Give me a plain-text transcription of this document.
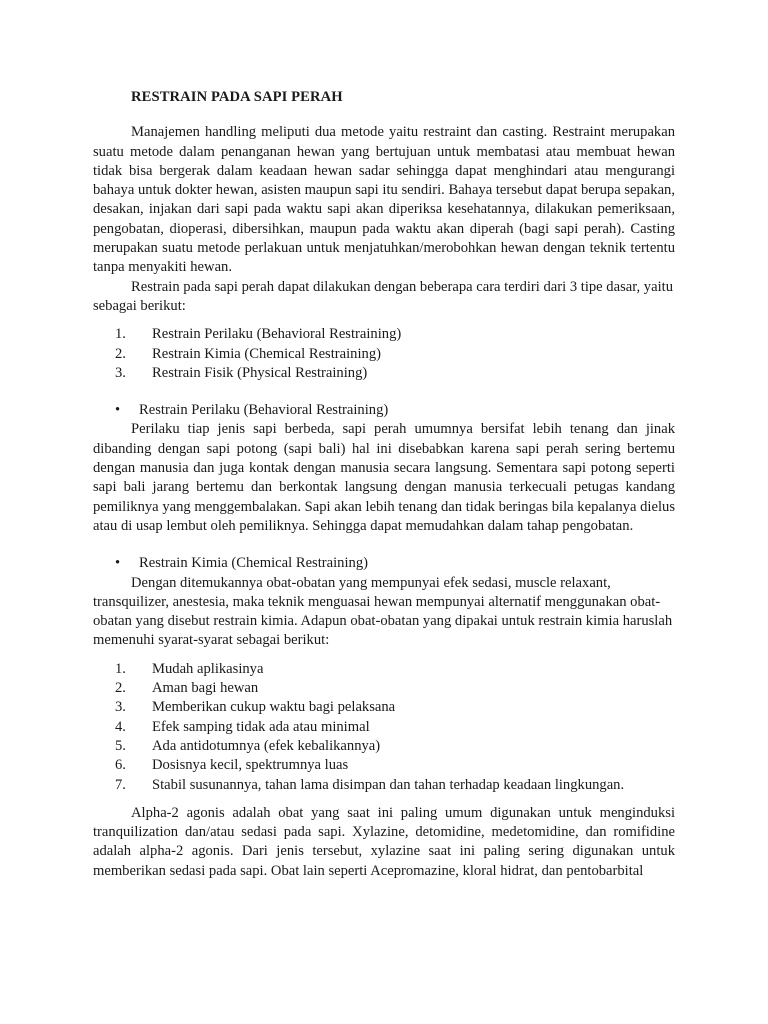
RESTRAIN PADA SAPI PERAH

Manajemen handling meliputi dua metode yaitu restraint dan casting. Restraint merupakan suatu metode dalam penanganan hewan yang bertujuan untuk membatasi atau membuat hewan tidak bisa bergerak dalam keadaan hewan sadar sehingga dapat menghindari atau mengurangi bahaya untuk dokter hewan, asisten maupun sapi itu sendiri. Bahaya tersebut dapat berupa sepakan, desakan, injakan dari sapi pada waktu sapi akan diperiksa kesehatannya, dilakukan pemeriksaan, pengobatan, dioperasi, dibersihkan, maupun pada waktu akan diperah (bagi sapi perah). Casting merupakan suatu metode perlakuan untuk menjatuhkan/merobohkan hewan dengan teknik tertentu tanpa menyakiti hewan.

Restrain pada sapi perah dapat dilakukan dengan beberapa cara terdiri dari 3 tipe dasar, yaitu sebagai berikut:

1.	Restrain Perilaku (Behavioral Restraining)
2.	Restrain Kimia (Chemical Restraining)
3.	Restrain Fisik (Physical Restraining)
• Restrain Perilaku (Behavioral Restraining)

Perilaku tiap jenis sapi berbeda, sapi perah umumnya bersifat lebih tenang dan jinak dibanding dengan sapi potong (sapi bali) hal ini disebabkan karena sapi perah sering bertemu dengan manusia dan juga kontak dengan manusia secara langsung. Sementara sapi potong seperti sapi bali jarang bertemu dan berkontak langsung dengan manusia terkecuali petugas kandang pemiliknya yang menggembalakan. Sapi akan lebih tenang dan tidak beringas bila kepalanya dielus atau di usap lembut oleh pemiliknya. Sehingga dapat memudahkan dalam tahap pengobatan.

• Restrain Kimia (Chemical Restraining)

Dengan ditemukannya obat-obatan yang mempunyai efek sedasi, muscle relaxant, transquilizer, anestesia, maka teknik menguasai hewan mempunyai alternatif menggunakan obat-obatan yang disebut restrain kimia. Adapun obat-obatan yang dipakai untuk restrain kimia haruslah memenuhi syarat-syarat sebagai berikut:

1.	Mudah aplikasinya
2.	Aman bagi hewan
3.	Memberikan cukup waktu bagi pelaksana
4.	Efek samping tidak ada atau minimal
5.	Ada antidotumnya (efek kebalikannya)
6.	Dosisnya kecil, spektrumnya luas
7.	Stabil susunannya, tahan lama disimpan dan tahan terhadap keadaan lingkungan.

Alpha-2 agonis adalah obat yang saat ini paling umum digunakan untuk menginduksi tranquilization dan/atau sedasi pada sapi. Xylazine, detomidine, medetomidine, dan romifidine adalah alpha-2 agonis. Dari jenis tersebut, xylazine saat ini paling sering digunakan untuk memberikan sedasi pada sapi. Obat lain seperti Acepromazine, kloral hidrat, dan pentobarbital
